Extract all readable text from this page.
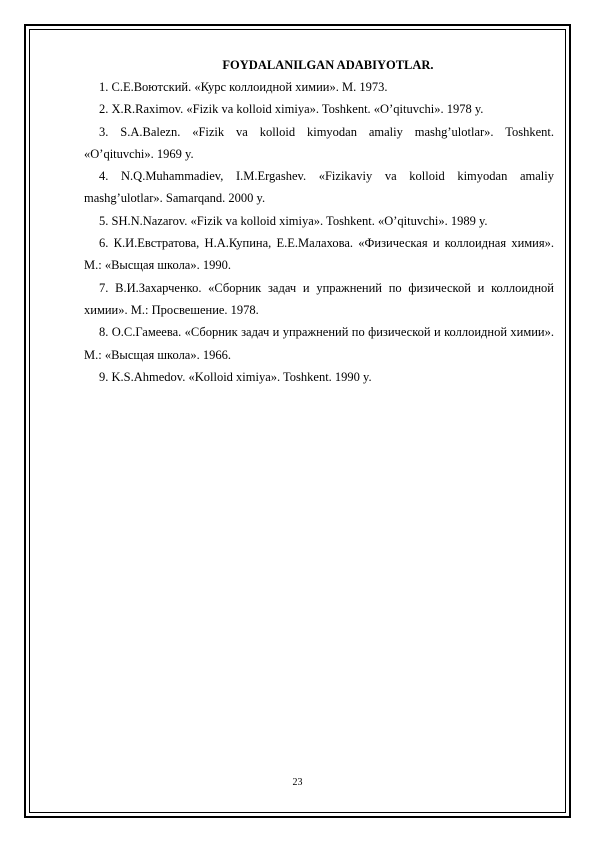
FOYDALANILGAN ADABIYOTLAR.
1. С.Е.Воютский. «Курс коллоидной химии». М. 1973.
2. X.R.Raximov. «Fizik va kolloid ximiya». Toshkent. «O’qituvchi». 1978 y.
3. S.A.Balezn. «Fizik va kolloid kimyodan amaliy mashg’ulotlar». Toshkent. «O’qituvchi». 1969 y.
4. N.Q.Muhammadiev, I.M.Ergashev. «Fizikaviy va kolloid kimyodan amaliy mashg’ulotlar». Samarqand. 2000 y.
5. SH.N.Nazarov. «Fizik va kolloid ximiya». Toshkent. «O’qituvchi». 1989 y.
6. К.И.Евстратова, Н.А.Купина, Е.Е.Малахова. «Физическая и коллоидная химия». М.: «Высщая школа». 1990.
7. В.И.Захарченко. «Сборник задач и упражнений по физической и коллоидной химии». М.: Просвешение. 1978.
8. О.С.Гамеева. «Сборник задач и упражнений по физической и коллоидной химии». М.: «Высщая школа». 1966.
9. K.S.Ahmedov. «Kolloid ximiya». Toshkent. 1990 y.
23
